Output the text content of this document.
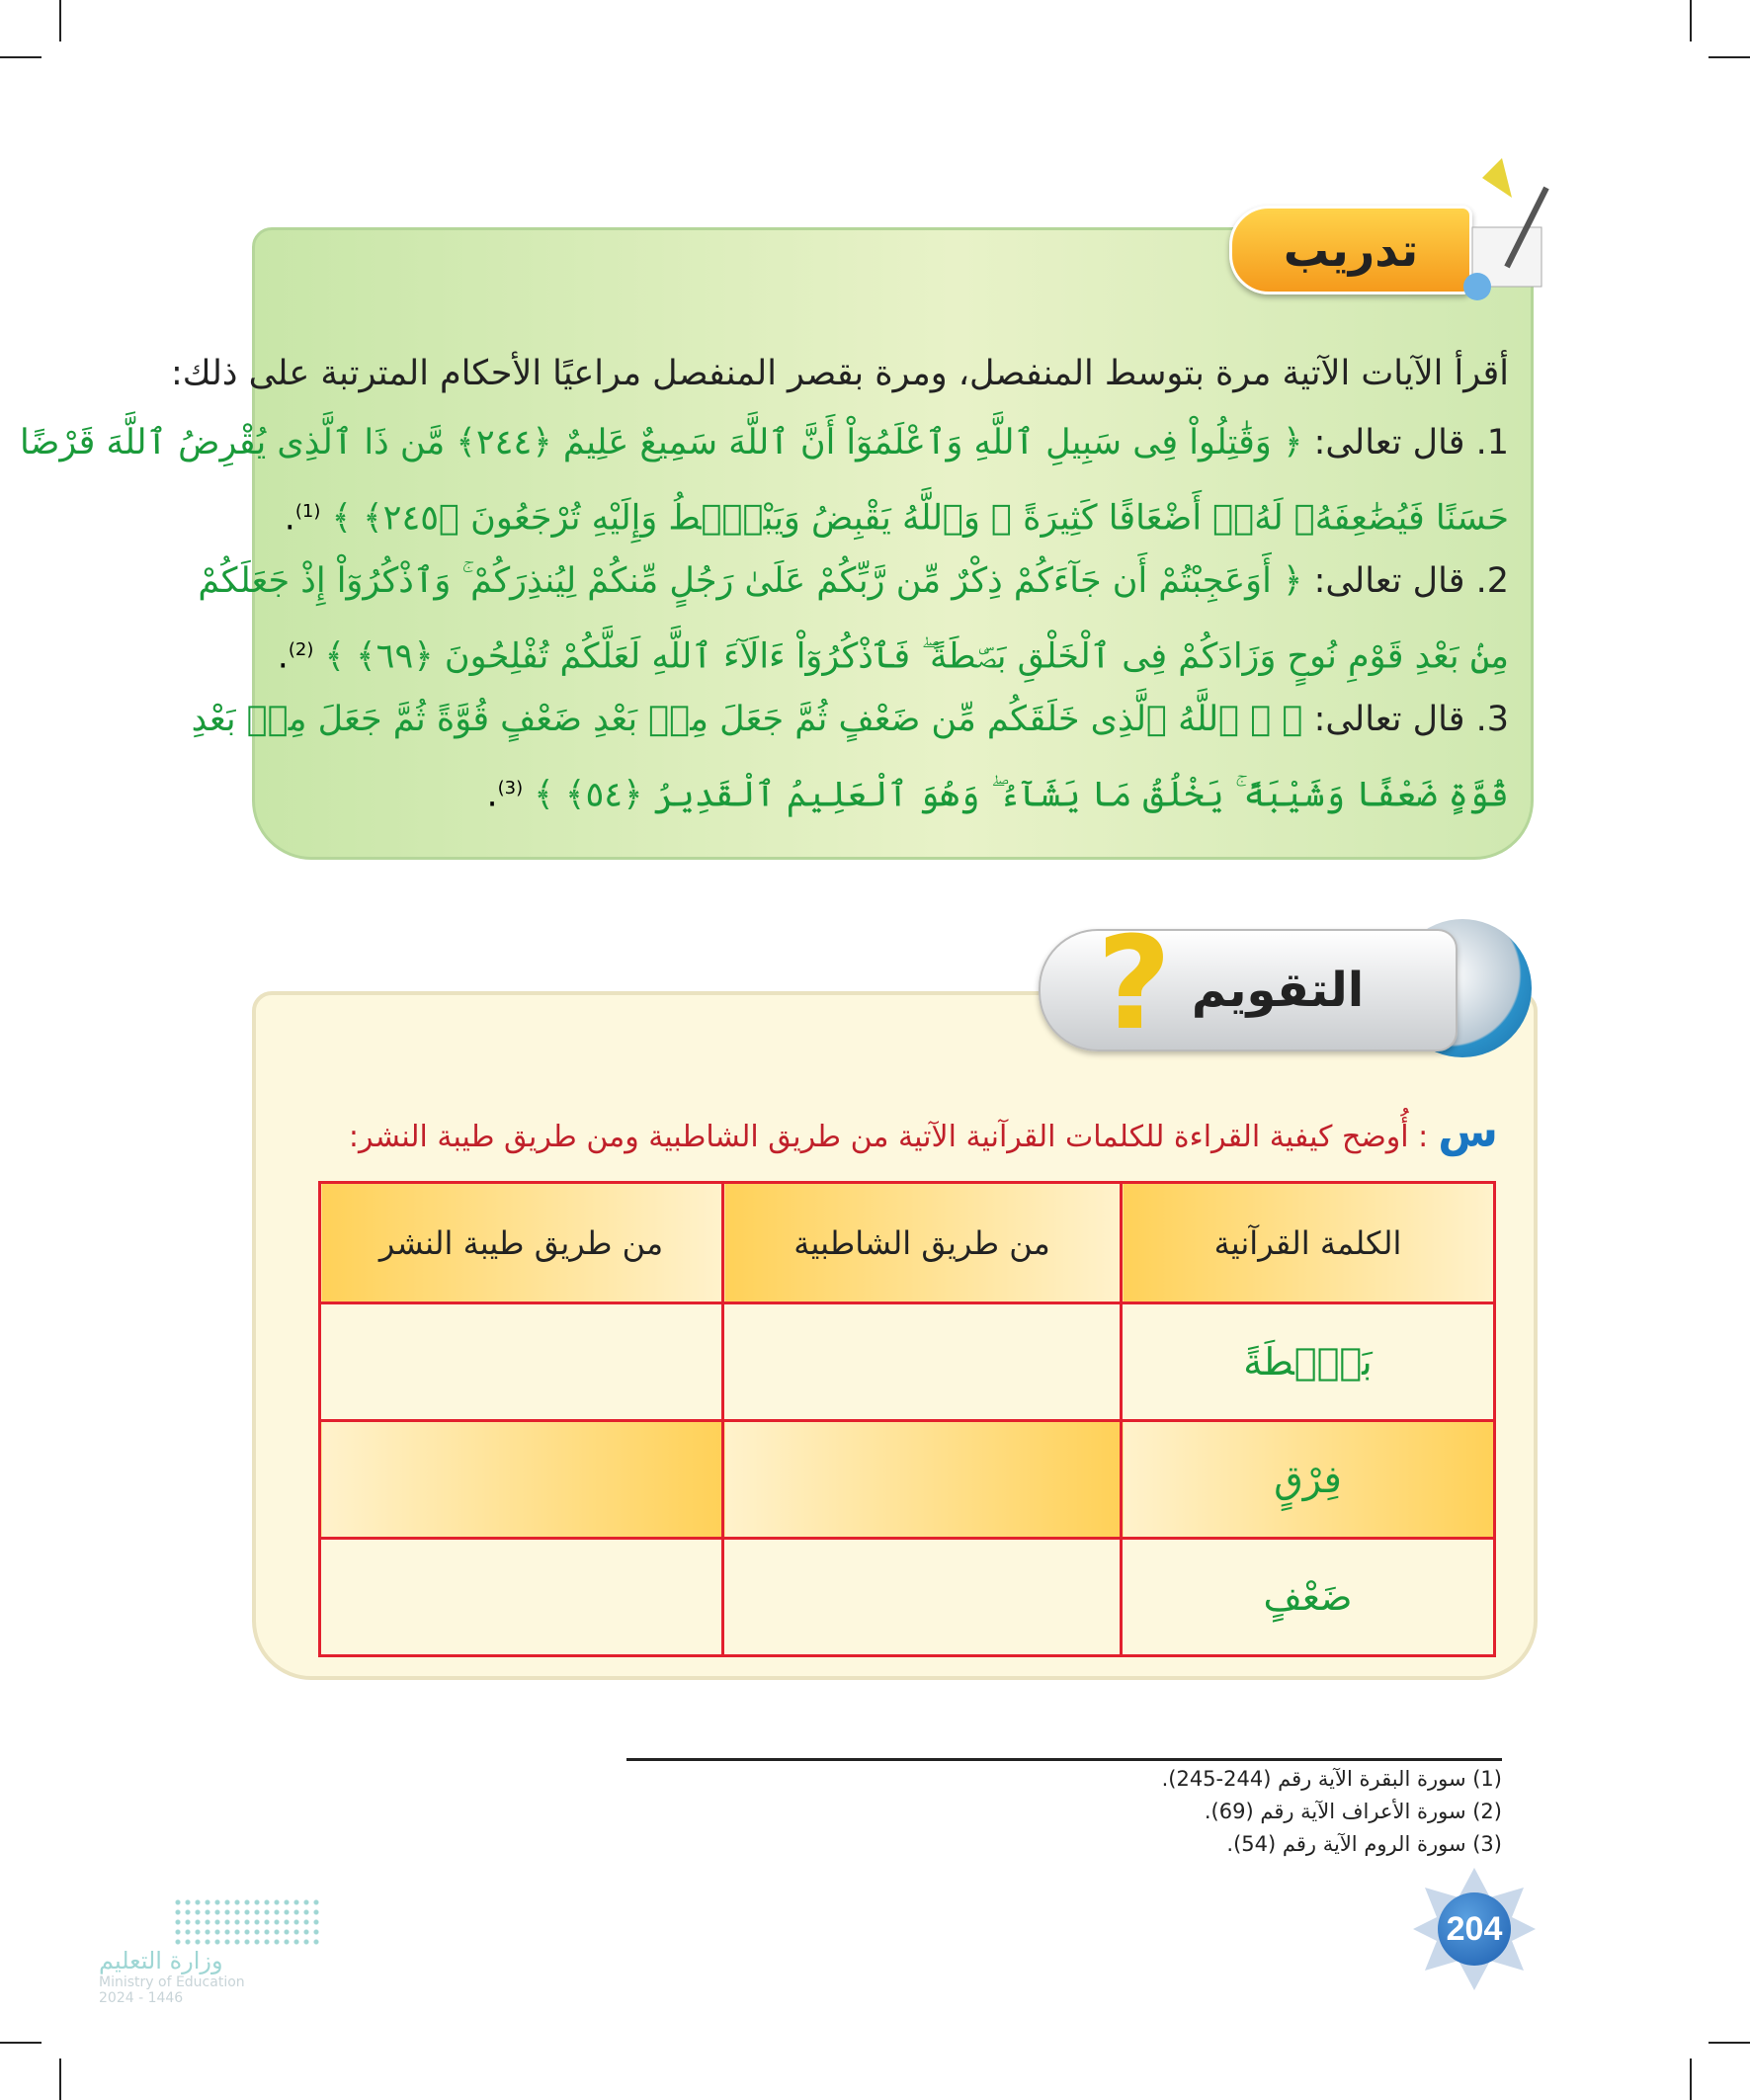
أقرأ الآيات الآتية مرة بتوسط المنفصل، ومرة بقصر المنفصل مراعيًا الأحكام المترتبة على ذلك:
1. قال تعالى: ﴿ وَقَٰتِلُواْ فِى سَبِيلِ ٱللَّهِ وَٱعْلَمُوٓاْ أَنَّ ٱللَّهَ سَمِيعٌ عَلِيمٌ ﴿٢٤٤﴾ مَّن ذَا ٱلَّذِى يُقْرِضُ ٱللَّهَ قَرْضًا
حَسَنًا فَيُضَٰعِفَهُۥ لَهُۥٓ أَضْعَافًا كَثِيرَةً ۚ وَٱللَّهُ يَقْبِضُ وَيَبْصُۜطُ وَإِلَيْهِ تُرْجَعُونَ ﴿٢٤٥﴾ ﴾ $^{(1)}$.
2. قال تعالى: ﴿ أَوَعَجِبْتُمْ أَن جَآءَكُمْ ذِكْرٌ مِّن رَّبِّكُمْ عَلَىٰ رَجُلٍ مِّنكُمْ لِيُنذِرَكُمْ ۚ وَٱذْكُرُوٓاْ إِذْ جَعَلَكُمْ
مِنۢ بَعْدِ قَوْمِ نُوحٍ وَزَادَكُمْ فِى ٱلْخَلْقِ بَصْۜطَةً ۖ فَٱذْكُرُوٓاْ ءَالَآءَ ٱللَّهِ لَعَلَّكُمْ تُفْلِحُونَ ﴿٦٩﴾ ﴾ $^{(2)}$.
3. قال تعالى: ﴿ ۞ ٱللَّهُ ٱلَّذِى خَلَقَكُم مِّن ضَعْفٍ ثُمَّ جَعَلَ مِنۢ بَعْدِ ضَعْفٍ قُوَّةً ثُمَّ جَعَلَ مِنۢ بَعْدِ
قُوَّةٍ ضَعْفًا وَشَيْبَةً ۚ يَخْلُقُ مَا يَشَآءُ ۖ وَهُوَ ٱلْعَلِيمُ ٱلْقَدِيرُ ﴿٥٤﴾ ﴾ $^{(3)}$.
تدريب
التقويم
?
س: أُوضح كيفية القراءة للكلمات القرآنية الآتية من طريق الشاطبية ومن طريق طيبة النشر:
الكلمة القرآنية	من طريق الشاطبية	من طريق طيبة النشر
بَصْۜطَةً		
فِرْقٍ		
ضَعْفٍ		
(1) سورة البقرة الآية رقم (244-245).
(2) سورة الأعراف الآية رقم (69).
(3) سورة الروم الآية رقم (54).
204
وزارة التعليم
Ministry of Education
2024 - 1446
